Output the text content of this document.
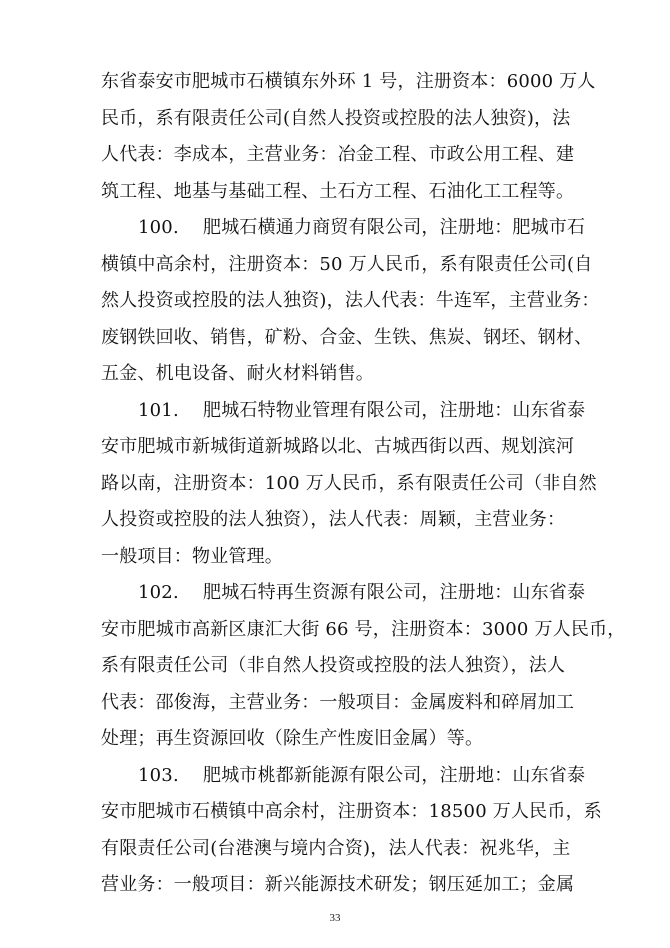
东省泰安市肥城市石横镇东外环 1 号，注册资本：6000 万人
民币，系有限责任公司(自然人投资或控股的法人独资)，法
人代表：李成本，主营业务：冶金工程、市政公用工程、建
筑工程、地基与基础工程、土石方工程、石油化工工程等。
100.　 肥城石横通力商贸有限公司，注册地：肥城市石
横镇中高余村，注册资本：50 万人民币，系有限责任公司(自
然人投资或控股的法人独资)，法人代表：牛连军，主营业务：
废钢铁回收、销售，矿粉、合金、生铁、焦炭、钢坯、钢材、
五金、机电设备、耐火材料销售。
101.　 肥城石特物业管理有限公司，注册地：山东省泰
安市肥城市新城街道新城路以北、古城西街以西、规划滨河
路以南，注册资本：100 万人民币，系有限责任公司（非自然
人投资或控股的法人独资），法人代表：周颖，主营业务：
一般项目：物业管理。
102.　 肥城石特再生资源有限公司，注册地：山东省泰
安市肥城市高新区康汇大街 66 号，注册资本：3000 万人民币，
系有限责任公司（非自然人投资或控股的法人独资），法人
代表：邵俊海，主营业务：一般项目：金属废料和碎屑加工
处理；再生资源回收（除生产性废旧金属）等。
103.　 肥城市桃都新能源有限公司，注册地：山东省泰
安市肥城市石横镇中高余村，注册资本：18500 万人民币，系
有限责任公司(台港澳与境内合资)，法人代表：祝兆华，主
33
营业务：一般项目：新兴能源技术研发；钢压延加工；金属
